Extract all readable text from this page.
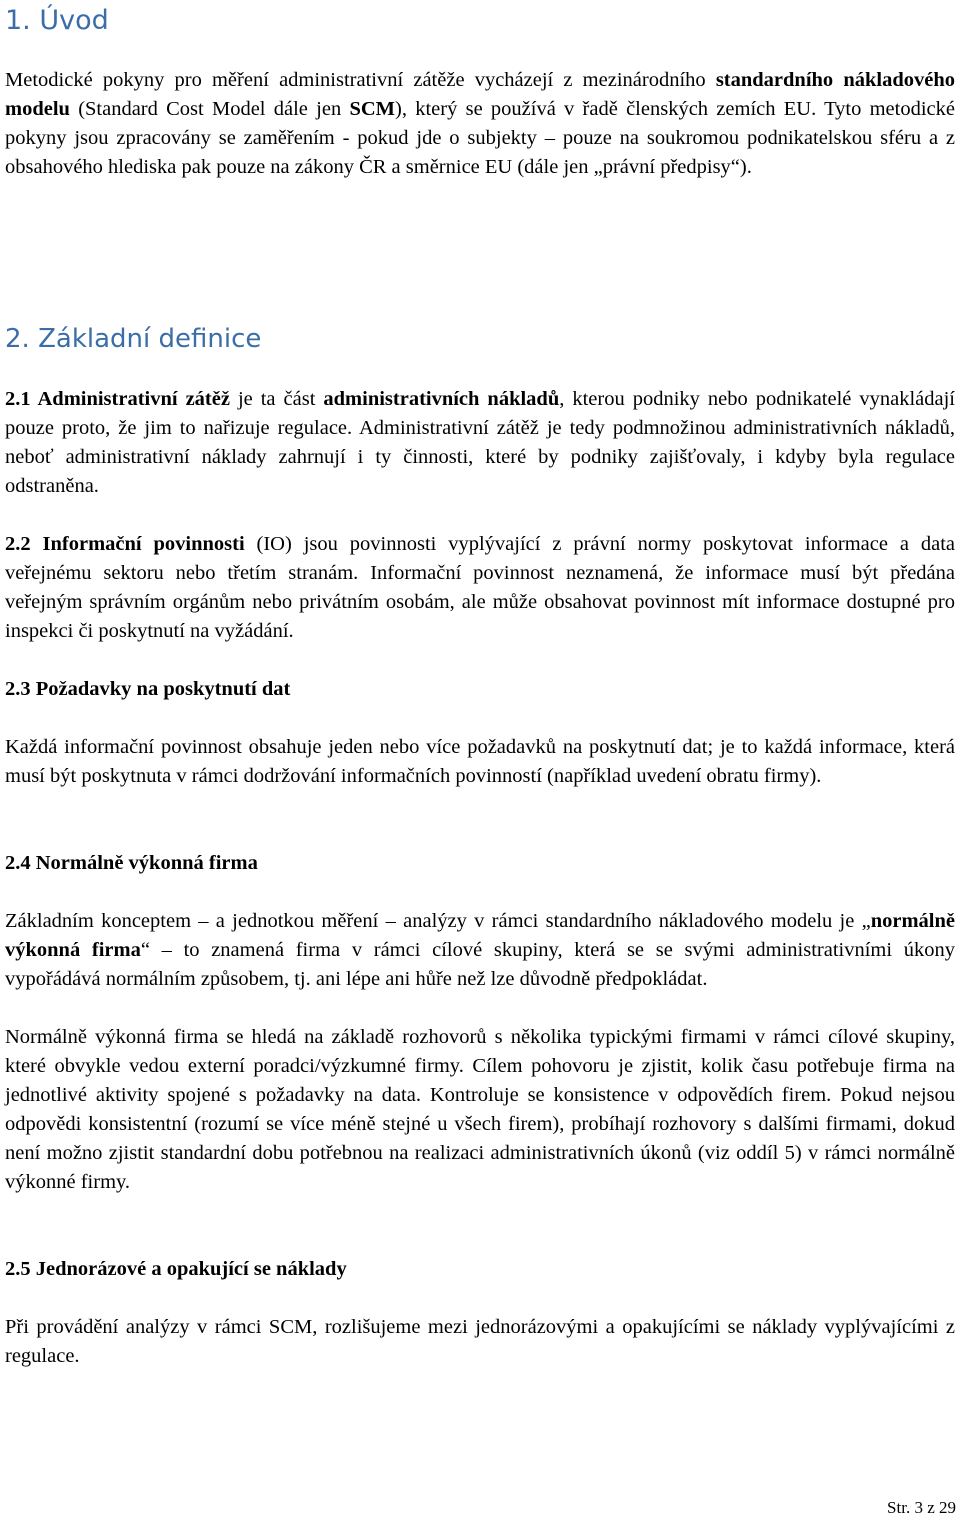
1. Úvod

Metodické pokyny pro měření administrativní zátěže vycházejí z mezinárodního standardního nákladového modelu (Standard Cost Model dále jen SCM), který se používá v řadě členských zemích EU. Tyto metodické pokyny jsou zpracovány se zaměřením - pokud jde o subjekty – pouze na soukromou podnikatelskou sféru a z obsahového hlediska pak pouze na zákony ČR a směrnice EU (dále jen „právní předpisy“).

2. Základní definice

2.1 Administrativní zátěž je ta část administrativních nákladů, kterou podniky nebo podnikatelé vynakládají pouze proto, že jim to nařizuje regulace. Administrativní zátěž je tedy podmnožinou administrativních nákladů, neboť administrativní náklady zahrnují i ty činnosti, které by podniky zajišťovaly, i kdyby byla regulace odstraněna.

2.2 Informační povinnosti (IO) jsou povinnosti vyplývající z právní normy poskytovat informace a data veřejnému sektoru nebo třetím stranám. Informační povinnost neznamená, že informace musí být předána veřejným správním orgánům nebo privátním osobám, ale může obsahovat povinnost mít informace dostupné pro inspekci či poskytnutí na vyžádání.

2.3 Požadavky na poskytnutí dat

Každá informační povinnost obsahuje jeden nebo více požadavků na poskytnutí dat; je to každá informace, která musí být poskytnuta v rámci dodržování informačních povinností (například uvedení obratu firmy).

2.4 Normálně výkonná firma

Základním konceptem – a jednotkou měření – analýzy v rámci standardního nákladového modelu je „normálně výkonná firma“ – to znamená firma v rámci cílové skupiny, která se se svými administrativními úkony vypořádává normálním způsobem, tj. ani lépe ani hůře než lze důvodně předpokládat.

Normálně výkonná firma se hledá na základě rozhovorů s několika typickými firmami v rámci cílové skupiny, které obvykle vedou externí poradci/výzkumné firmy. Cílem pohovoru je zjistit, kolik času potřebuje firma na jednotlivé aktivity spojené s požadavky na data. Kontroluje se konsistence v odpovědích firem. Pokud nejsou odpovědi konsistentní (rozumí se více méně stejné u všech firem), probíhají rozhovory s dalšími firmami, dokud není možno zjistit standardní dobu potřebnou na realizaci administrativních úkonů (viz oddíl 5) v rámci normálně výkonné firmy.

2.5 Jednorázové a opakující se náklady

Při provádění analýzy v rámci SCM, rozlišujeme mezi jednorázovými a opakujícími se náklady vyplývajícími z regulace.

Str. 3 z 29
